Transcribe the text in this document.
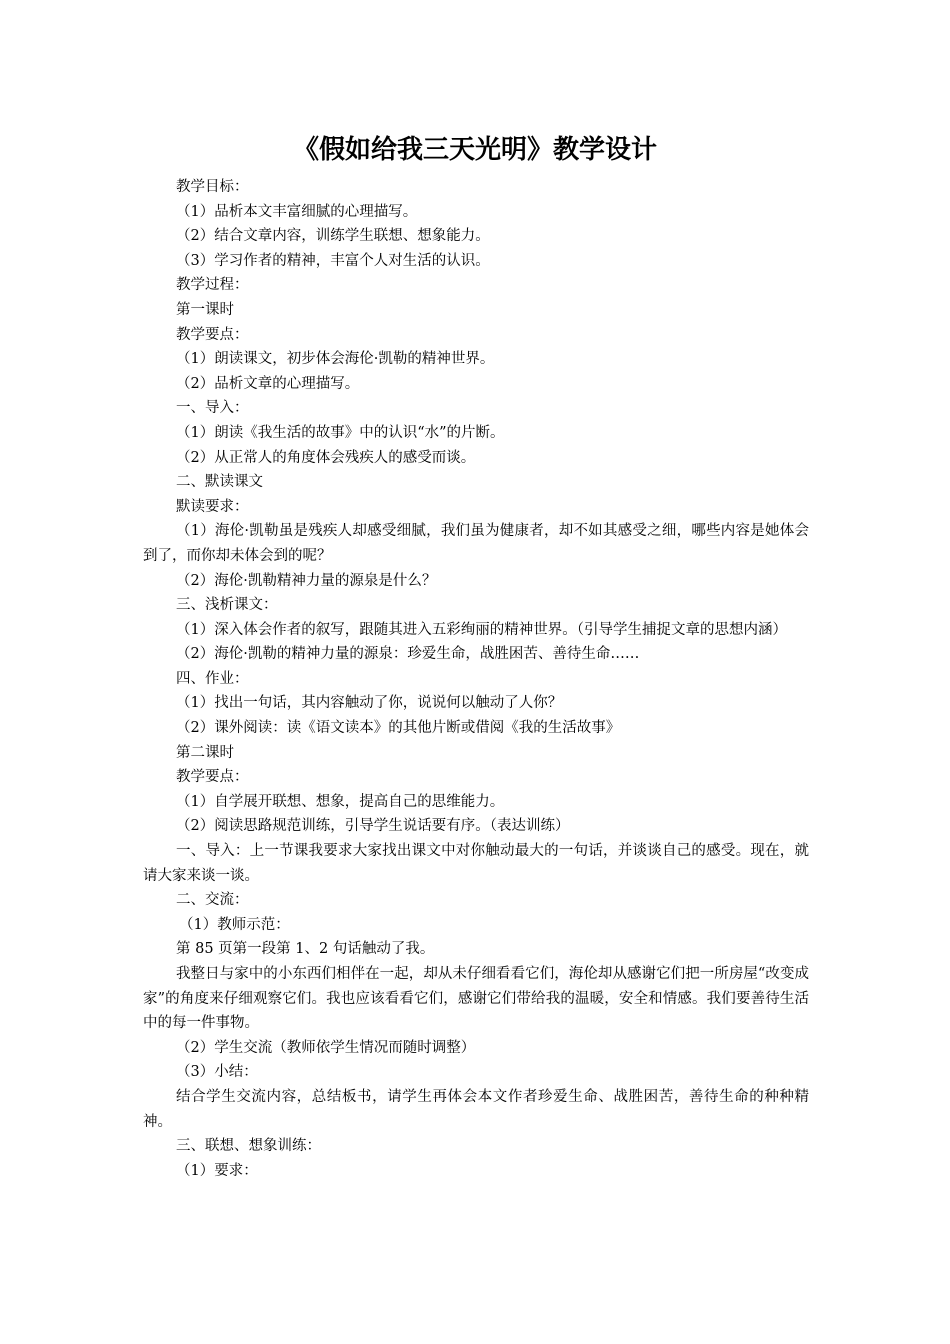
《假如给我三天光明》教学设计

教学目标：

（1）品析本文丰富细腻的心理描写。

（2）结合文章内容，训练学生联想、想象能力。

（3）学习作者的精神，丰富个人对生活的认识。

教学过程：

第一课时

教学要点：

（1）朗读课文，初步体会海伦·凯勒的精神世界。

（2）品析文章的心理描写。

一、导入：

（1）朗读《我生活的故事》中的认识“水”的片断。

（2）从正常人的角度体会残疾人的感受而谈。

二、默读课文

默读要求：

（1）海伦·凯勒虽是残疾人却感受细腻，我们虽为健康者，却不如其感受之细，哪些内容是她体会到了，而你却未体会到的呢？

（2）海伦·凯勒精神力量的源泉是什么？

三、浅析课文：

（1）深入体会作者的叙写，跟随其进入五彩绚丽的精神世界。（引导学生捕捉文章的思想内涵）

（2）海伦·凯勒的精神力量的源泉：珍爱生命，战胜困苦、善待生命……

四、作业：

（1）找出一句话，其内容触动了你，说说何以触动了人你？

（2）课外阅读：读《语文读本》的其他片断或借阅《我的生活故事》

第二课时

教学要点：

（1）自学展开联想、想象，提高自己的思维能力。

（2）阅读思路规范训练，引导学生说话要有序。（表达训练）

一、导入：上一节课我要求大家找出课文中对你触动最大的一句话，并谈谈自己的感受。现在，就请大家来谈一谈。

二、交流：

（1）教师示范：

第 85 页第一段第 1、2 句话触动了我。

我整日与家中的小东西们相伴在一起，却从未仔细看看它们，海伦却从感谢它们把一所房屋“改变成家”的角度来仔细观察它们。我也应该看看它们，感谢它们带给我的温暖，安全和情感。我们要善待生活中的每一件事物。

（2）学生交流（教师依学生情况而随时调整）

（3）小结：

结合学生交流内容，总结板书，请学生再体会本文作者珍爱生命、战胜困苦，善待生命的种种精神。

三、联想、想象训练：

（1）要求：
